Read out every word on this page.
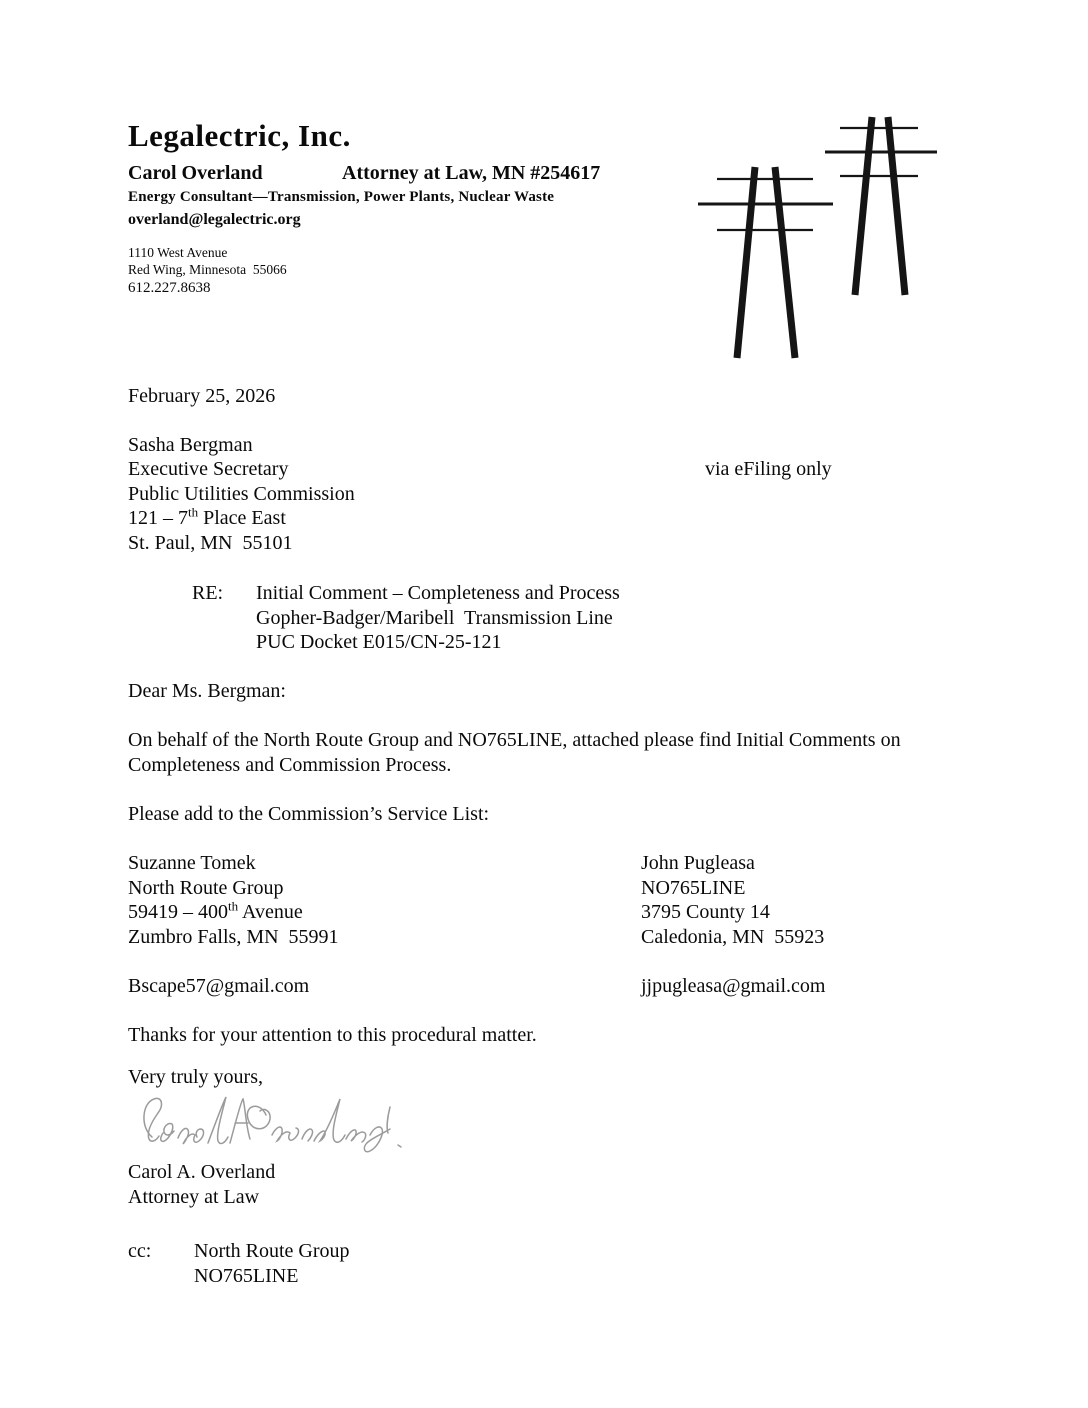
Legalectric, Inc.
Carol Overland	Attorney at Law, MN #254617
Energy Consultant—Transmission, Power Plants, Nuclear Waste
overland@legalectric.org
1110 West Avenue
Red Wing, Minnesota  55066
612.227.8638
February 25, 2026
Sasha Bergman
Executive Secretary	via eFiling only
Public Utilities Commission
121 – 7th Place East
St. Paul, MN  55101
RE:	Initial Comment – Completeness and Process
Gopher-Badger/Maribell  Transmission Line
PUC Docket E015/CN-25-121
Dear Ms. Bergman:

On behalf of the North Route Group and NO765LINE, attached please find Initial Comments on Completeness and Commission Process.

Please add to the Commission’s Service List:

Suzanne Tomek
North Route Group
59419 – 400th Avenue
Zumbro Falls, MN  55991
Bscape57@gmail.com
John Pugleasa
NO765LINE
3795 County 14
Caledonia, MN  55923
jjpugleasa@gmail.com
Thanks for your attention to this procedural matter.
Very truly yours,
Carol A. Overland
Attorney at Law
cc:	North Route Group
NO765LINE
